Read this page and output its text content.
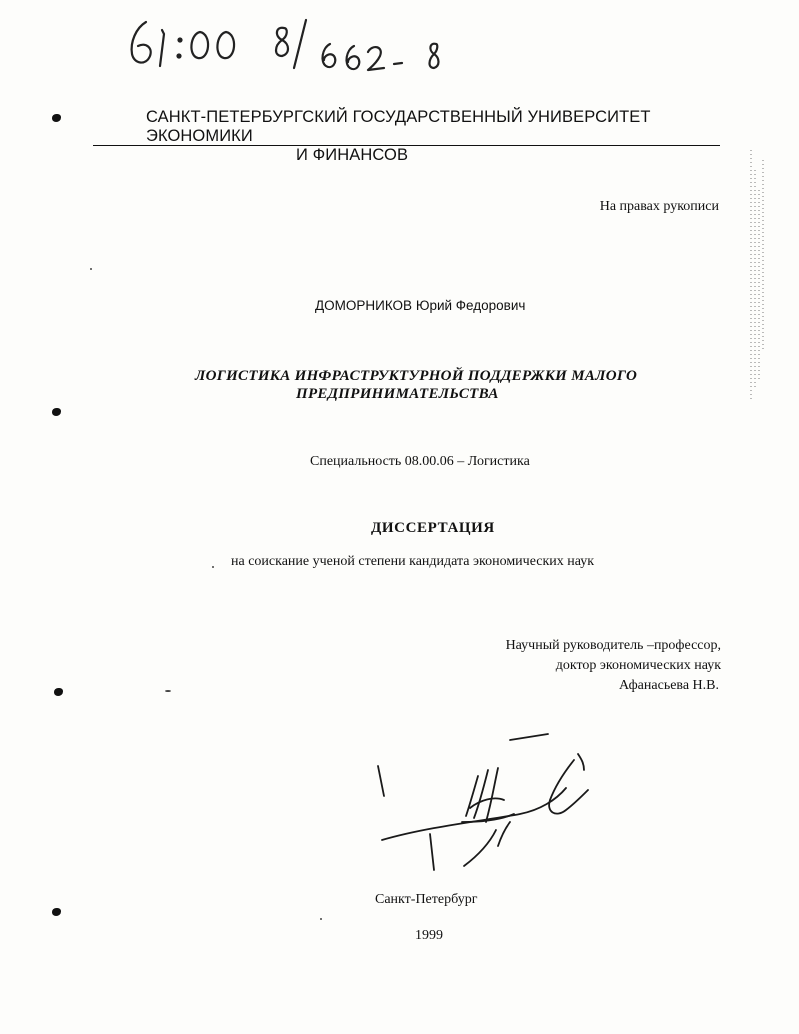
САНКТ-ПЕТЕРБУРГСКИЙ ГОСУДАРСТВЕННЫЙ УНИВЕРСИТЕТ ЭКОНОМИКИ
И ФИНАНСОВ
На правах рукописи
ДОМОРНИКОВ Юрий Федорович
ЛОГИСТИКА ИНФРАСТРУКТУРНОЙ ПОДДЕРЖКИ МАЛОГО
ПРЕДПРИНИМАТЕЛЬСТВА
Специальность 08.00.06 – Логистика
ДИССЕРТАЦИЯ
на соискание ученой степени кандидата экономических наук
Научный руководитель –профессор,
доктор экономических наук
Афанасьева Н.В.
Санкт-Петербург
1999
